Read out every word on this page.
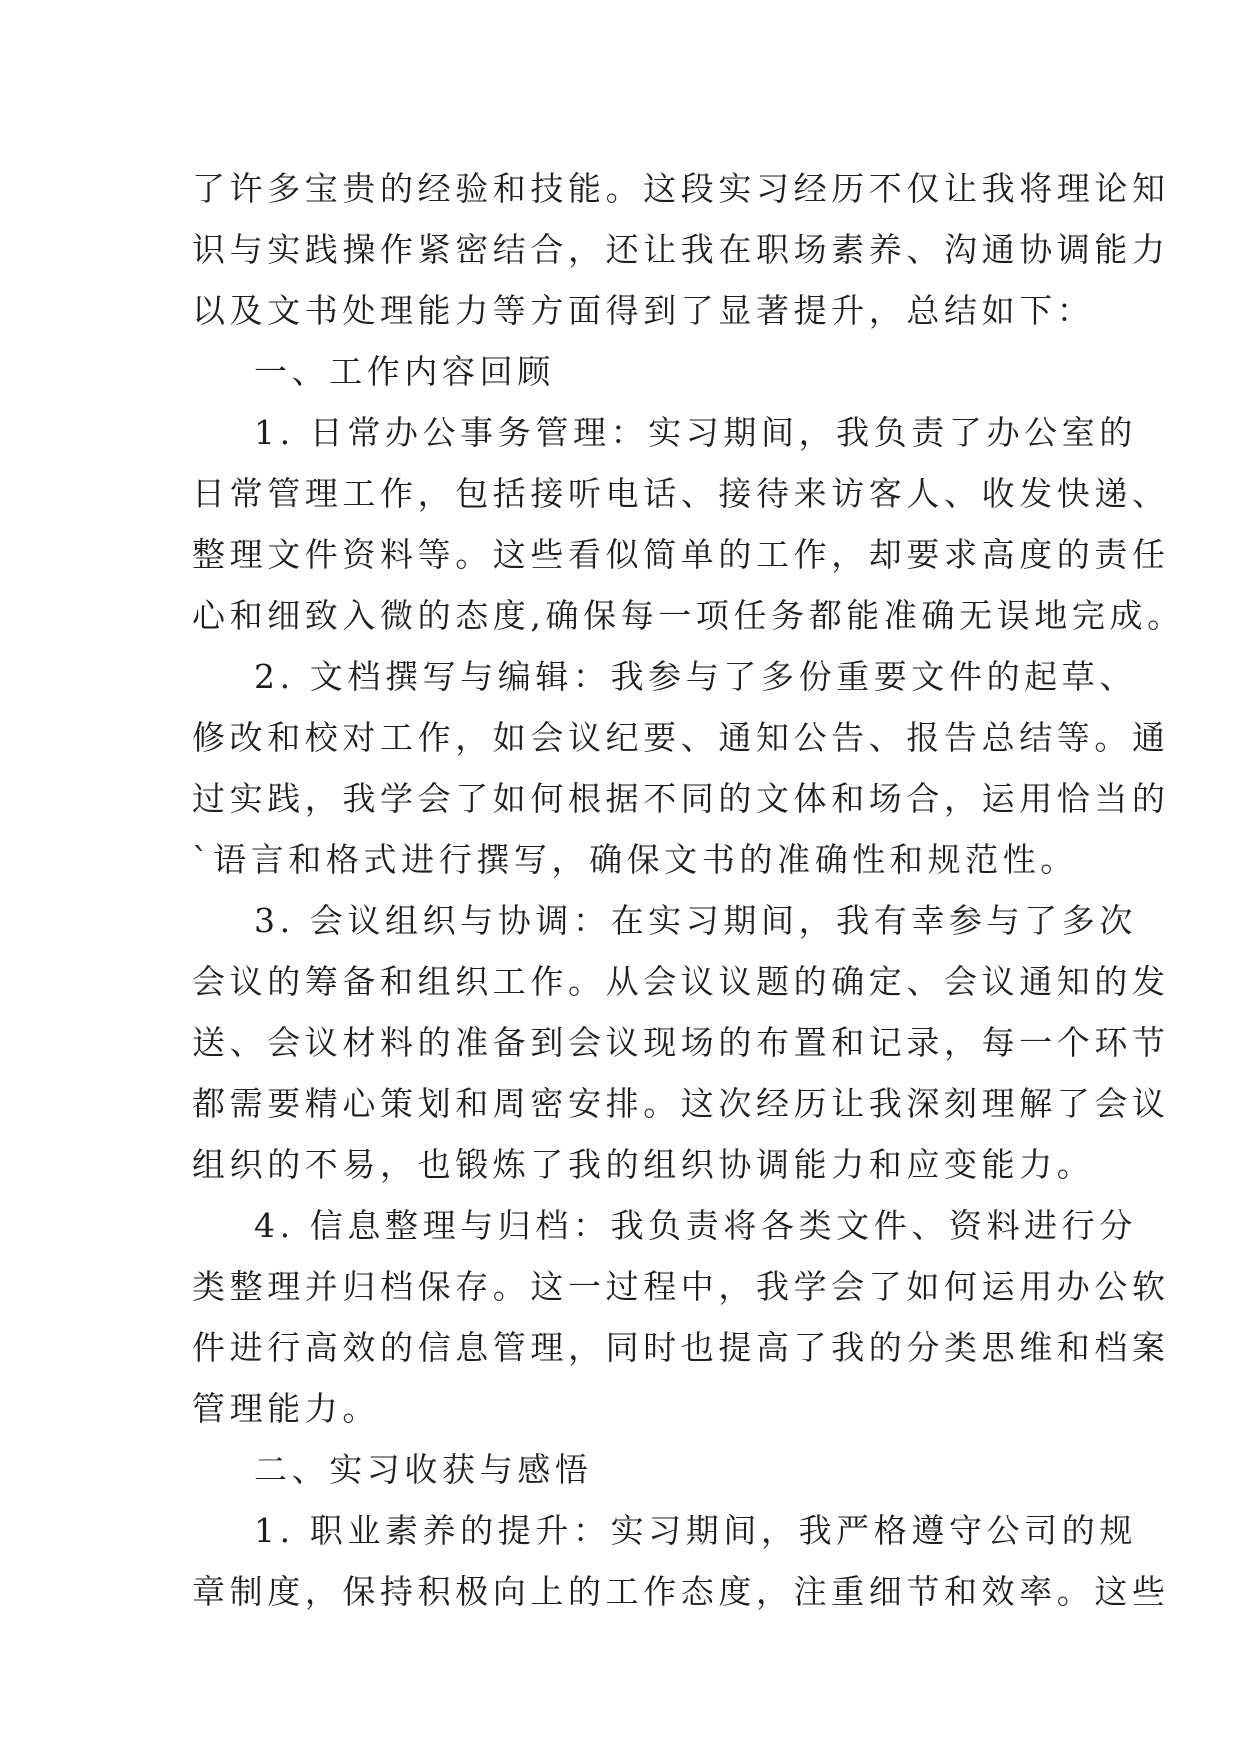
了许多宝贵的经验和技能。这段实习经历不仅让我将理论知
识与实践操作紧密结合，还让我在职场素养、沟通协调能力
以及文书处理能力等方面得到了显著提升，总结如下：
一、工作内容回顾
1. 日常办公事务管理：实习期间，我负责了办公室的
日常管理工作，包括接听电话、接待来访客人、收发快递、
整理文件资料等。这些看似简单的工作，却要求高度的责任
心和细致入微的态度,确保每一项任务都能准确无误地完成。
2. 文档撰写与编辑：我参与了多份重要文件的起草、
修改和校对工作，如会议纪要、通知公告、报告总结等。通
过实践，我学会了如何根据不同的文体和场合，运用恰当的
`语言和格式进行撰写，确保文书的准确性和规范性。
3. 会议组织与协调：在实习期间，我有幸参与了多次
会议的筹备和组织工作。从会议议题的确定、会议通知的发
送、会议材料的准备到会议现场的布置和记录，每一个环节
都需要精心策划和周密安排。这次经历让我深刻理解了会议
组织的不易，也锻炼了我的组织协调能力和应变能力。
4. 信息整理与归档：我负责将各类文件、资料进行分
类整理并归档保存。这一过程中，我学会了如何运用办公软
件进行高效的信息管理，同时也提高了我的分类思维和档案
管理能力。
二、实习收获与感悟
1. 职业素养的提升：实习期间，我严格遵守公司的规
章制度，保持积极向上的工作态度，注重细节和效率。这些
